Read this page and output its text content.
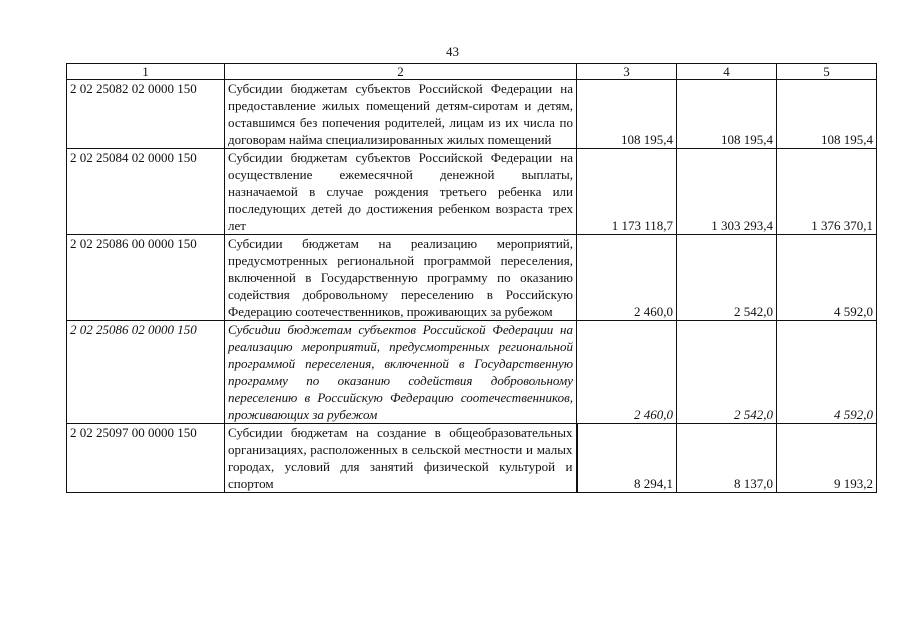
43
1	2	3	4	5
2 02 25082 02 0000 150	Субсидии бюджетам субъектов Российской Федерации на предоставление жилых помещений детям-сиротам и детям, оставшимся без попечения родителей, лицам из их числа по договорам найма специализированных жилых помещений	108 195,4	108 195,4	108 195,4
2 02 25084 02 0000 150	Субсидии бюджетам субъектов Российской Федерации на осуществление ежемесячной денежной выплаты, назначаемой в случае рождения третьего ребенка или последующих детей до достижения ребенком возраста трех лет	1 173 118,7	1 303 293,4	1 376 370,1
2 02 25086 00 0000 150	Субсидии бюджетам на реализацию мероприятий, предусмотренных региональной программой переселения, включенной в Государственную программу по оказанию содействия добровольному переселению в Российскую Федерацию соотечественников, проживающих за рубежом	2 460,0	2 542,0	4 592,0
2 02 25086 02 0000 150	Субсидии бюджетам субъектов Российской Федерации на реализацию мероприятий, предусмотренных региональной программой переселения, включенной в Государственную программу по оказанию содействия добровольному переселению в Российскую Федерацию соотечественников, проживающих за рубежом	2 460,0	2 542,0	4 592,0
2 02 25097 00 0000 150	Субсидии бюджетам на создание в общеобразовательных организациях, расположенных в сельской местности и малых городах, условий для занятий физической культурой и спортом	8 294,1	8 137,0	9 193,2
